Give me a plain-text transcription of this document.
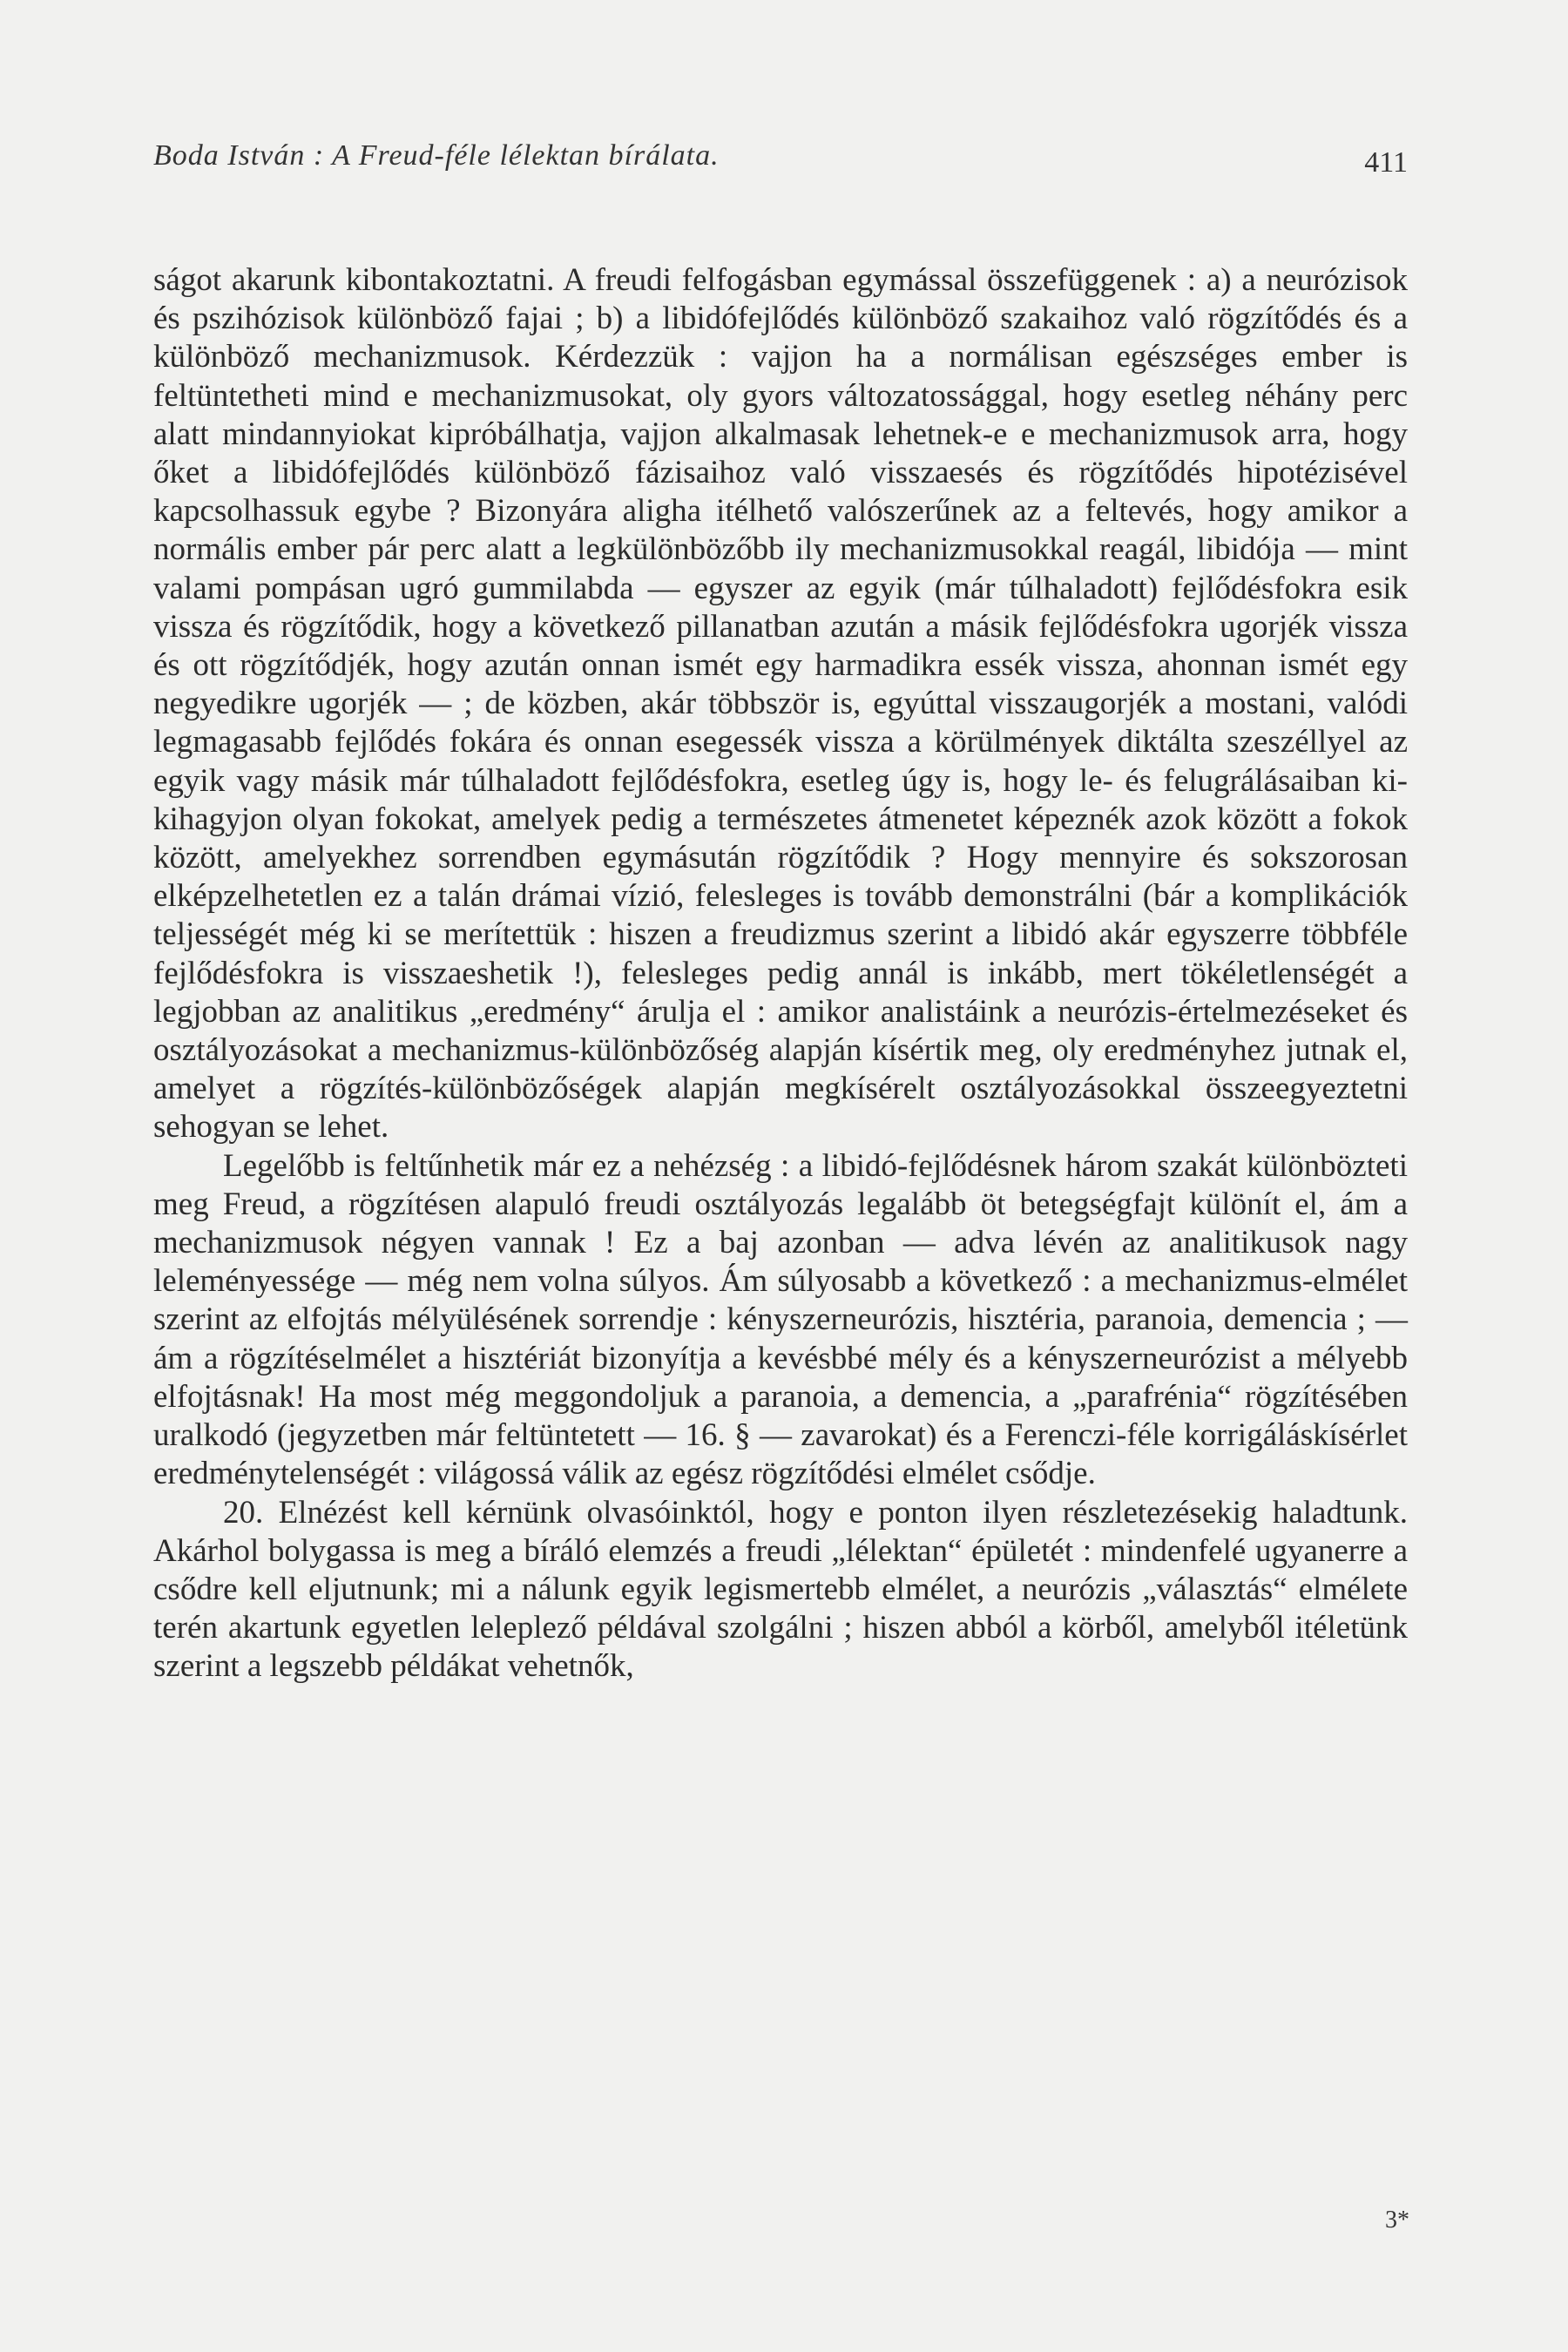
Boda István : A Freud-féle lélektan bírálata.	411

ságot akarunk kibontakoztatni. A freudi felfogásban egymással összefüggenek : a) a neurózisok és pszihózisok különböző fajai ; b) a libidófejlődés különböző szakaihoz való rögzítődés és a különböző mechanizmusok. Kérdezzük : vajjon ha a normálisan egészséges ember is feltüntetheti mind e mechanizmusokat, oly gyors változatossággal, hogy esetleg néhány perc alatt mindannyiokat kipróbálhatja, vajjon alkalmasak lehetnek-e e mechanizmusok arra, hogy őket a libidófejlődés különböző fázisaihoz való visszaesés és rögzítődés hipotézisével kapcsolhassuk egybe ? Bizonyára aligha itélhető valószerűnek az a feltevés, hogy amikor a normális ember pár perc alatt a legkülönbözőbb ily mechanizmusokkal reagál, libidója — mint valami pompásan ugró gummilabda — egyszer az egyik (már túlhaladott) fejlődésfokra esik vissza és rögzítődik, hogy a következő pillanatban azután a másik fejlődésfokra ugorjék vissza és ott rögzítődjék, hogy azután onnan ismét egy harmadikra essék vissza, ahonnan ismét egy negyedikre ugorjék — ; de közben, akár többször is, egyúttal visszaugorjék a mostani, valódi legmagasabb fejlődés fokára és onnan esegessék vissza a körülmények diktálta szeszéllyel az egyik vagy másik már túlhaladott fejlődésfokra, esetleg úgy is, hogy le- és felugrálásaiban ki-kihagyjon olyan fokokat, amelyek pedig a természetes átmenetet képeznék azok között a fokok között, amelyekhez sorrendben egymásután rögzítődik ? Hogy mennyire és sokszorosan elképzelhetetlen ez a talán drámai vízió, felesleges is tovább demonstrálni (bár a komplikációk teljességét még ki se merítettük : hiszen a freudizmus szerint a libidó akár egyszerre többféle fejlődésfokra is visszaeshetik !), felesleges pedig annál is inkább, mert tökéletlenségét a legjobban az analitikus „eredmény“ árulja el : amikor analistáink a neurózis-értelmezéseket és osztályozásokat a mechanizmus-különbözőség alapján kísértik meg, oly eredményhez jutnak el, amelyet a rögzítés-különbözőségek alapján megkísérelt osztályozásokkal összeegyeztetni sehogyan se lehet.

Legelőbb is feltűnhetik már ez a nehézség : a libidó-fejlődésnek három szakát különbözteti meg Freud, a rögzítésen alapuló freudi osztályozás legalább öt betegségfajt különít el, ám a mechanizmusok négyen vannak ! Ez a baj azonban — adva lévén az analitikusok nagy leleményessége — még nem volna súlyos. Ám súlyosabb a következő : a mechanizmus-elmélet szerint az elfojtás mélyülésének sorrendje : kényszerneurózis, hisztéria, paranoia, demencia ; — ám a rögzítéselmélet a hisztériát bizonyítja a kevésbbé mély és a kényszerneurózist a mélyebb elfojtásnak! Ha most még meggondoljuk a paranoia, a demencia, a „parafrénia“ rögzítésében uralkodó (jegyzetben már feltüntetett — 16. § — zavarokat) és a Ferenczi-féle korrigáláskísérlet eredménytelenségét : világossá válik az egész rögzítődési elmélet csődje.

20. Elnézést kell kérnünk olvasóinktól, hogy e ponton ilyen részletezésekig haladtunk. Akárhol bolygassa is meg a bíráló elemzés a freudi „lélektan“ épületét : mindenfelé ugyanerre a csődre kell eljutnunk; mi a nálunk egyik legismertebb elmélet, a neurózis „választás“ elmélete terén akartunk egyetlen leleplező példával szolgálni ; hiszen abból a körből, amelyből itéletünk szerint a legszebb példákat vehetnők,

3*
